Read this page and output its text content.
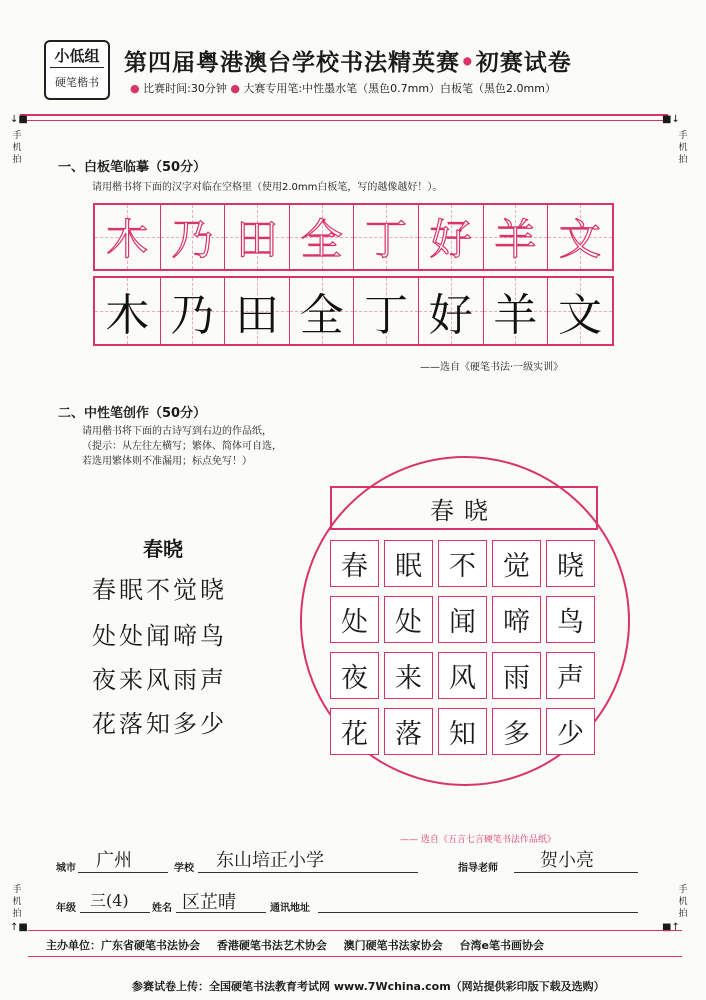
小低组
硬笔楷书
第四届粤港澳台学校书法精英赛•初赛试卷
● 比赛时间:30分钟 ● 大赛专用笔:中性墨水笔（黑色0.7mm）白板笔（黑色2.0mm）
↓■
手机拍
■↓
手机拍
手机拍
↑■
手机拍
■↑
一、白板笔临摹（50分）
请用楷书将下面的汉字对临在空格里（使用2.0mm白板笔，写的越像越好！）。
木 乃 田 全 丁 好 羊 文
木 乃 田 全 丁 好 羊 文
——选自《硬笔书法·一级实训》
二、中性笔创作（50分）
请用楷书将下面的古诗写到右边的作品纸，
（提示：从左往左横写；繁体、简体可自选，
若选用繁体则不准漏用；标点免写！）
春晓
春眠不觉晓
处处闻啼鸟
夜来风雨声
花落知多少
春晓
春	眠	不	觉	晓
处	处	闻	啼	鸟
夜	来	风	雨	声
花	落	知	多	少
—— 选自《五言七言硬笔书法作品纸》
城市 广州	学校 东山培正小学	指导老师 贺小亮
年级 三(4) 姓名 区芷晴	通讯地址
主办单位：广东省硬笔书法协会　 香港硬笔书法艺术协会　 澳门硬笔书法家协会　 台湾e笔书画协会
参赛试卷上传：全国硬笔书法教育考试网 www.7Wchina.com（网站提供彩印版下载及选购）
